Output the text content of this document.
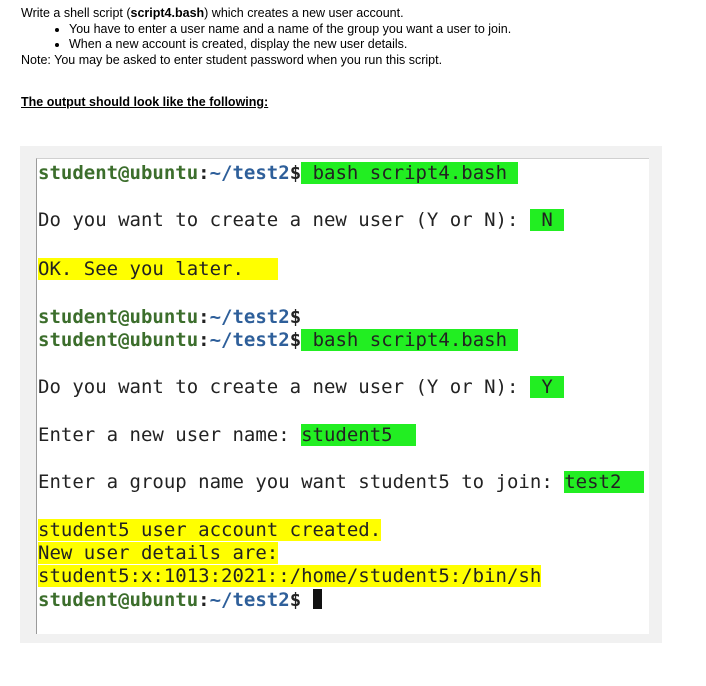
Write a shell script (script4.bash) which creates a new user account.

• You have to enter a user name and a name of the group you want a user to join.
• When a new account is created, display the new user details.

Note: You may be asked to enter student password when you run this script.

The output should look like the following:
student@ubuntu:~/test2$ bash script4.bash
Do you want to create a new user (Y or N):  N
OK. See you later.
student@ubuntu:~/test2$
student@ubuntu:~/test2$ bash script4.bash
Do you want to create a new user (Y or N):  Y
Enter a new user name: student5
Enter a group name you want student5 to join: test2
student5 user account created.
New user details are:
student5:x:1013:2021::/home/student5:/bin/sh
student@ubuntu:~/test2$
